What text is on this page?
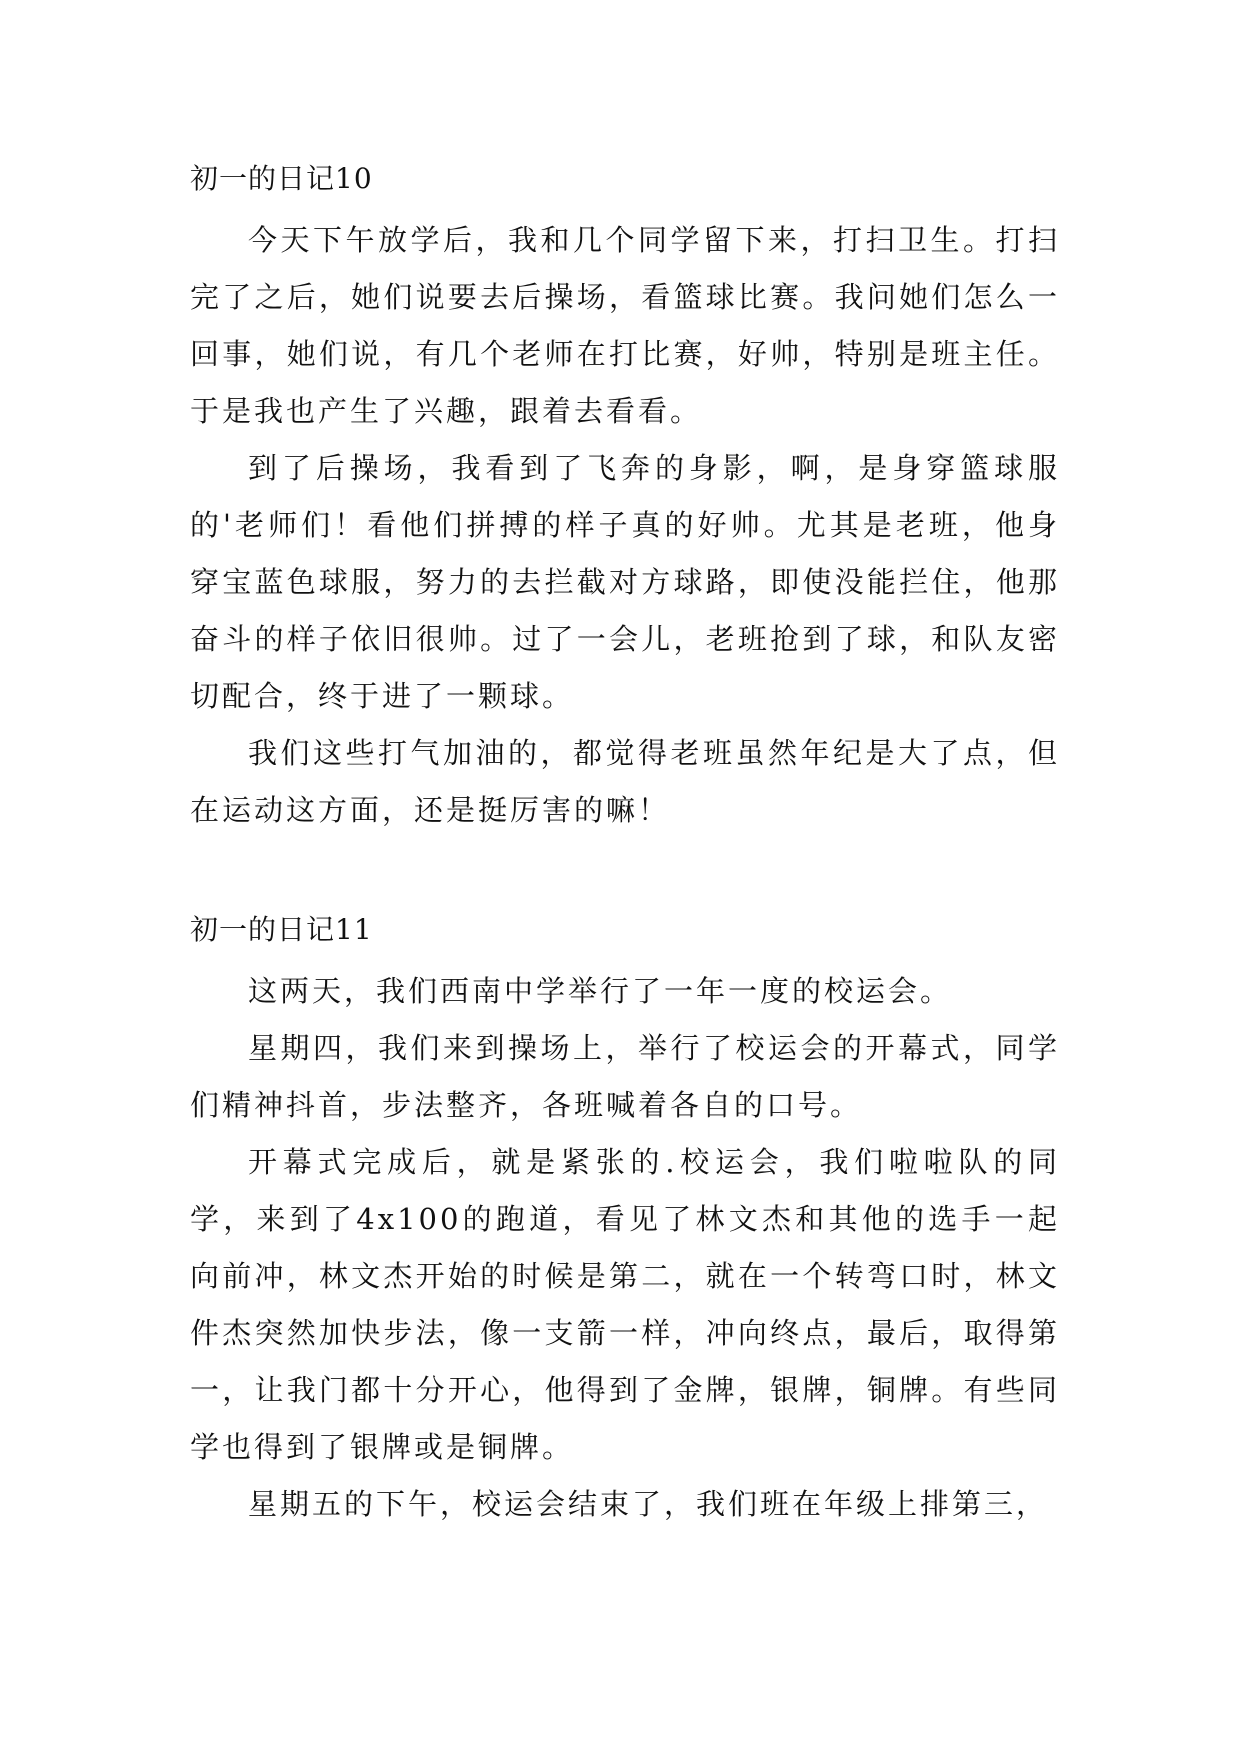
初一的日记10

今天下午放学后，我和几个同学留下来，打扫卫生。打扫完了之后，她们说要去后操场，看篮球比赛。我问她们怎么一回事，她们说，有几个老师在打比赛，好帅，特别是班主任。于是我也产生了兴趣，跟着去看看。

到了后操场，我看到了飞奔的身影，啊，是身穿篮球服的'老师们！看他们拼搏的样子真的好帅。尤其是老班，他身穿宝蓝色球服，努力的去拦截对方球路，即使没能拦住，他那奋斗的样子依旧很帅。过了一会儿，老班抢到了球，和队友密切配合，终于进了一颗球。

我们这些打气加油的，都觉得老班虽然年纪是大了点，但在运动这方面，还是挺厉害的嘛！

初一的日记11

这两天，我们西南中学举行了一年一度的校运会。

星期四，我们来到操场上，举行了校运会的开幕式，同学们精神抖首，步法整齐，各班喊着各自的口号。

开幕式完成后，就是紧张的.校运会，我们啦啦队的同学，来到了4x100的跑道，看见了林文杰和其他的选手一起向前冲，林文杰开始的时候是第二，就在一个转弯口时，林文件杰突然加快步法，像一支箭一样，冲向终点，最后，取得第一，让我门都十分开心，他得到了金牌，银牌，铜牌。有些同学也得到了银牌或是铜牌。

星期五的下午，校运会结束了，我们班在年级上排第三，
